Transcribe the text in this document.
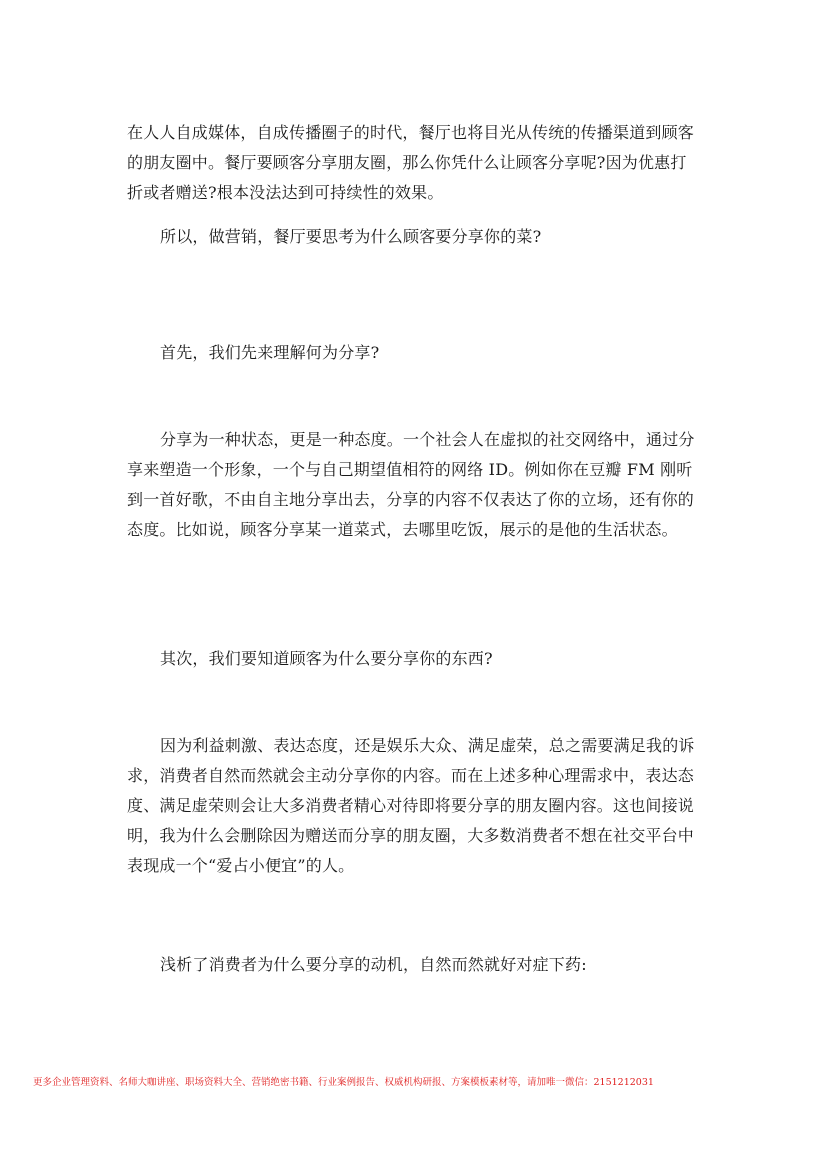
在人人自成媒体，自成传播圈子的时代，餐厅也将目光从传统的传播渠道到顾客的朋友圈中。餐厅要顾客分享朋友圈，那么你凭什么让顾客分享呢?因为优惠打折或者赠送?根本没法达到可持续性的效果。

所以，做营销，餐厅要思考为什么顾客要分享你的菜?

首先，我们先来理解何为分享?

分享为一种状态，更是一种态度。一个社会人在虚拟的社交网络中，通过分享来塑造一个形象，一个与自己期望值相符的网络 ID。例如你在豆瓣 FM 刚听到一首好歌，不由自主地分享出去，分享的内容不仅表达了你的立场，还有你的态度。比如说，顾客分享某一道菜式，去哪里吃饭，展示的是他的生活状态。

其次，我们要知道顾客为什么要分享你的东西?

因为利益刺激、表达态度，还是娱乐大众、满足虚荣，总之需要满足我的诉求，消费者自然而然就会主动分享你的内容。而在上述多种心理需求中，表达态度、满足虚荣则会让大多消费者精心对待即将要分享的朋友圈内容。这也间接说明，我为什么会删除因为赠送而分享的朋友圈，大多数消费者不想在社交平台中表现成一个“爱占小便宜”的人。

浅析了消费者为什么要分享的动机，自然而然就好对症下药:

更多企业管理资料、名师大咖讲座、职场资料大全、营销绝密书籍、行业案例报告、权威机构研报、方案模板素材等，请加唯一微信：2151212031
